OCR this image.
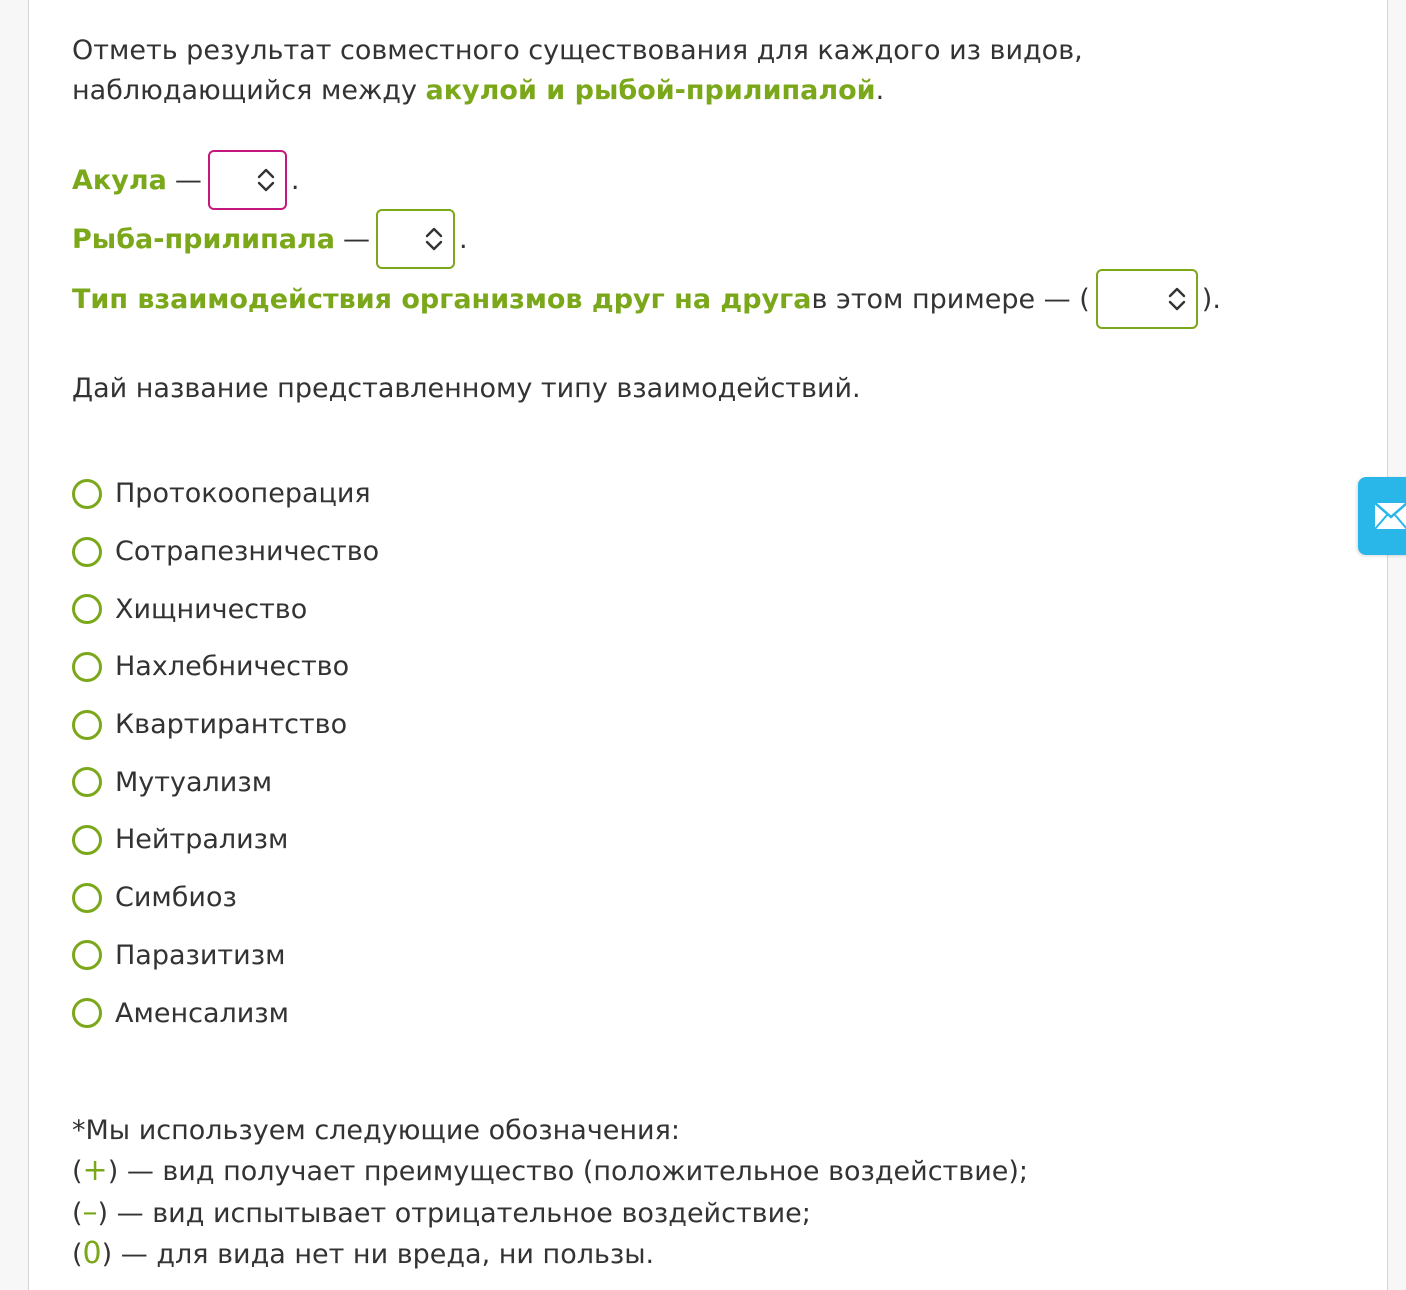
Отметь результат совместного существования для каждого из видов, наблюдающийся между акулой и рыбой-прилипалой.

Акула —	.
Рыба-прилипала —	.
Тип взаимодействия организмов друг на друга в этом примере — (	).

Дай название представленному типу взаимодействий.

Протокооперация
Сотрапезничество
Хищничество
Нахлебничество
Квартирантство
Мутуализм
Нейтрализм
Симбиоз
Паразитизм
Аменсализм
*Мы используем следующие обозначения:
(+) — вид получает преимущество (положительное воздействие);
(–) — вид испытывает отрицательное воздействие;
(0) — для вида нет ни вреда, ни пользы.
